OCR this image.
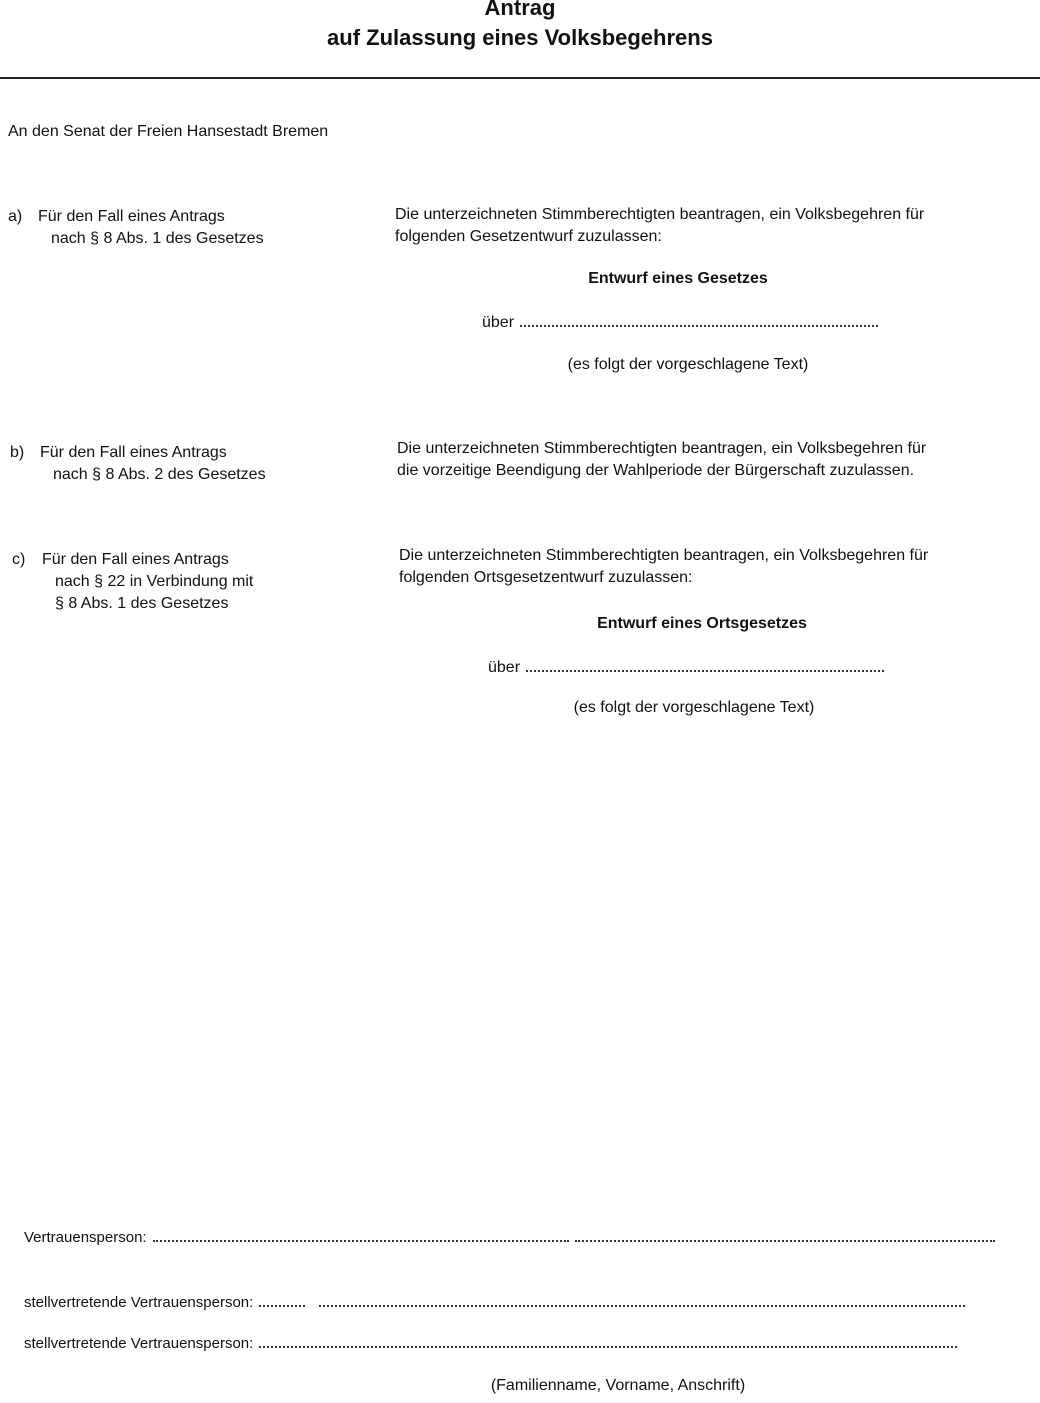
Antrag
auf Zulassung eines Volksbegehrens
An den Senat der Freien Hansestadt Bremen
a) Für den Fall eines Antrags
nach § 8 Abs. 1 des Gesetzes
Die unterzeichneten Stimmberechtigten beantragen, ein Volksbegehren für
folgenden Gesetzentwurf zuzulassen:
Entwurf eines Gesetzes
über
(es folgt der vorgeschlagene Text)
b) Für den Fall eines Antrags
nach § 8 Abs. 2 des Gesetzes
Die unterzeichneten Stimmberechtigten beantragen, ein Volksbegehren für
die vorzeitige Beendigung der Wahlperiode der Bürgerschaft zuzulassen.
c) Für den Fall eines Antrags
nach § 22 in Verbindung mit
§ 8 Abs. 1 des Gesetzes
Die unterzeichneten Stimmberechtigten beantragen, ein Volksbegehren für
folgenden Ortsgesetzentwurf zuzulassen:
Entwurf eines Ortsgesetzes
über
(es folgt der vorgeschlagene Text)
Vertrauensperson:
stellvertretende Vertrauensperson:
stellvertretende Vertrauensperson:
(Familienname, Vorname, Anschrift)
